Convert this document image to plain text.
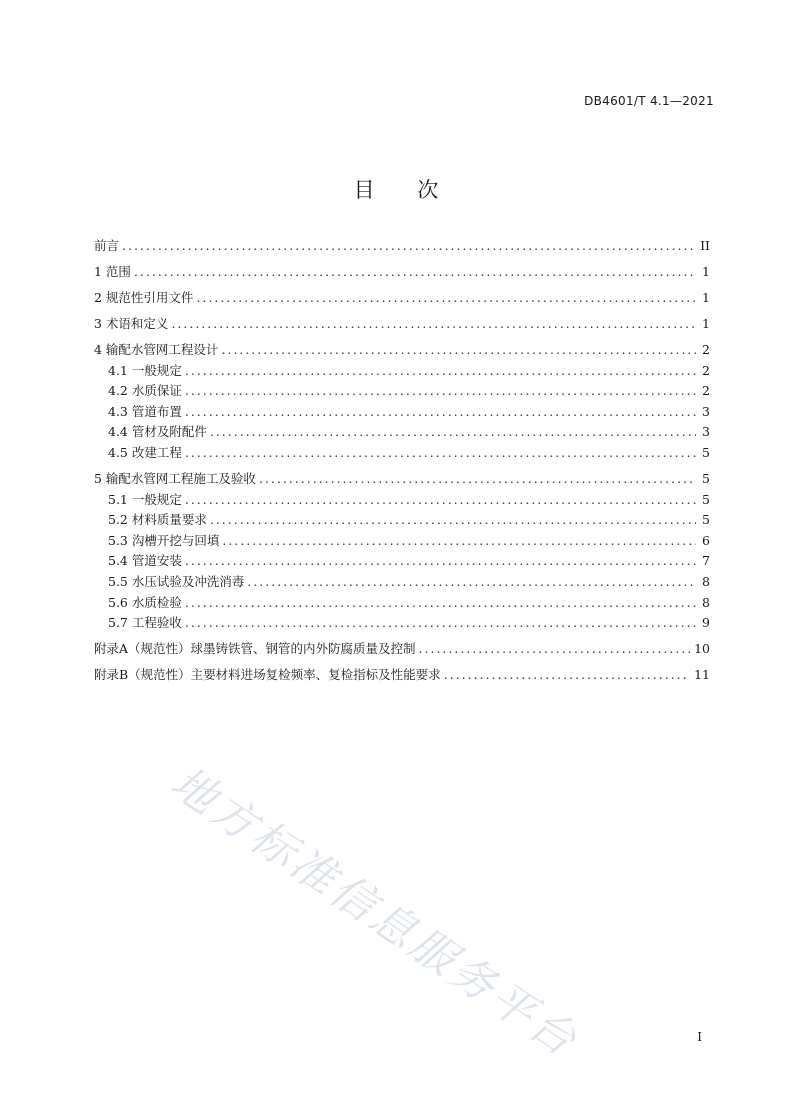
DB4601/T 4.1—2021
目 次
前言 .....	II
1 范围 .....	1
2 规范性引用文件 .....	1
3 术语和定义 .....	1
4 输配水管网工程设计 .....	2
4.1 一般规定 .....	2
4.2 水质保证 .....	2
4.3 管道布置 .....	3
4.4 管材及附配件 .....	3
4.5 改建工程 .....	5
5 输配水管网工程施工及验收 .....	5
5.1 一般规定 .....	5
5.2 材料质量要求 .....	5
5.3 沟槽开挖与回填 .....	6
5.4 管道安装 .....	7
5.5 水压试验及冲洗消毒 .....	8
5.6 水质检验 .....	8
5.7 工程验收 .....	9
附录A（规范性）球墨铸铁管、钢管的内外防腐质量及控制 .....	10
附录B（规范性）主要材料进场复检频率、复检指标及性能要求 .....	11
地方标准信息服务平台	I
